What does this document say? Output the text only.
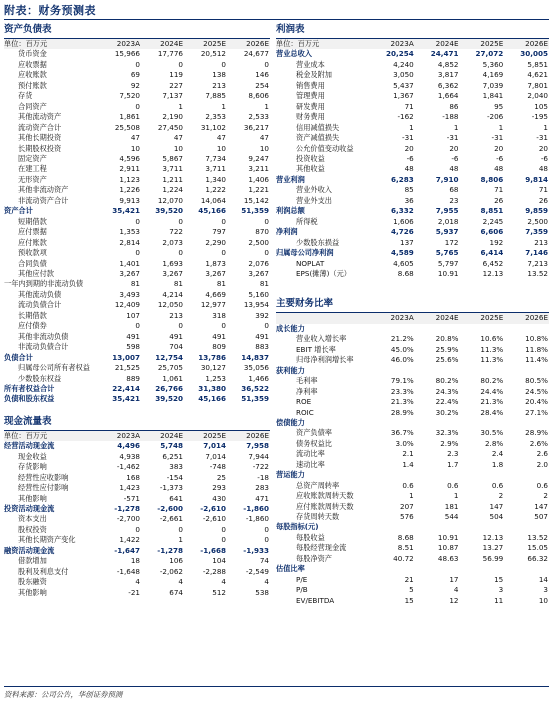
附表：财务预测表
资产负债表
单位：百万元	2023A	2024E	2025E	2026E
货币资金	15,966	17,776	20,512	24,677
应收票据	0	0	0	0
应收账款	69	119	138	146
预付账款	92	227	213	254
存货	7,520	7,137	7,885	8,606
合同资产	0	1	1	1
其他流动资产	1,861	2,190	2,353	2,533
流动资产合计	25,508	27,450	31,102	36,217
其他长期投资	47	47	47	47
长期股权投资	10	10	10	10
固定资产	4,596	5,867	7,734	9,247
在建工程	2,911	3,711	3,711	3,211
无形资产	1,123	1,211	1,340	1,406
其他非流动资产	1,226	1,224	1,222	1,221
非流动资产合计	9,913	12,070	14,064	15,142
资产合计	35,421	39,520	45,166	51,359
短期借款	0	0	0	0
应付票据	1,353	722	797	870
应付账款	2,814	2,073	2,290	2,500
预收款项	0	0	0	0
合同负债	1,401	1,693	1,873	2,076
其他应付款	3,267	3,267	3,267	3,267
一年内到期的非流动负债	81	81	81	81
其他流动负债	3,493	4,214	4,669	5,160
流动负债合计	12,409	12,050	12,977	13,954
长期借款	107	213	318	392
应付债券	0	0	0	0
其他非流动负债	491	491	491	491
非流动负债合计	598	704	809	883
负债合计	13,007	12,754	13,786	14,837
归属母公司所有者权益	21,525	25,705	30,127	35,056
少数股东权益	889	1,061	1,253	1,466
所有者权益合计	22,414	26,766	31,380	36,522
负债和股东权益	35,421	39,520	45,166	51,359
现金流量表
单位：百万元	2023A	2024E	2025E	2026E
经营活动现金流	4,496	5,748	7,014	7,958
现金收益	4,938	6,251	7,014	7,944
存货影响	-1,462	383	-748	-722
经营性应收影响	168	-154	25	-18
经营性应付影响	1,423	-1,373	293	283
其他影响	-571	641	430	471
投资活动现金流	-1,278	-2,600	-2,610	-1,860
资本支出	-2,700	-2,661	-2,610	-1,860
股权投资	0	0	0	0
其他长期资产变化	1,422	1	0	0
融资活动现金流	-1,647	-1,278	-1,668	-1,933
借款增加	18	106	104	74
股利及利息支付	-1,648	-2,062	-2,288	-2,549
股东融资	4	4	4	4
其他影响	-21	674	512	538
利润表
单位：百万元	2023A	2024E	2025E	2026E
营业总收入	20,254	24,471	27,072	30,005
营业成本	4,240	4,852	5,360	5,851
税金及附加	3,050	3,817	4,169	4,621
销售费用	5,437	6,362	7,039	7,801
管理费用	1,367	1,664	1,841	2,040
研发费用	71	86	95	105
财务费用	-162	-188	-206	-195
信用减值损失	1	1	1	1
资产减值损失	-31	-31	-31	-31
公允价值变动收益	20	20	20	20
投资收益	-6	-6	-6	-6
其他收益	48	48	48	48
营业利润	6,283	7,910	8,806	9,814
营业外收入	85	68	71	71
营业外支出	36	23	26	26
利润总额	6,332	7,955	8,851	9,859
所得税	1,606	2,018	2,245	2,500
净利润	4,726	5,937	6,606	7,359
少数股东损益	137	172	192	213
归属母公司净利润	4,589	5,765	6,414	7,146
NOPLAT	4,605	5,797	6,452	7,213
EPS(摊薄)（元）	8.68	10.91	12.13	13.52
主要财务比率
	2023A	2024E	2025E	2026E
成长能力				
营业收入增长率	21.2%	20.8%	10.6%	10.8%
EBIT 增长率	45.0%	25.9%	11.3%	11.8%
归母净利润增长率	46.0%	25.6%	11.3%	11.4%
获利能力				
毛利率	79.1%	80.2%	80.2%	80.5%
净利率	23.3%	24.3%	24.4%	24.5%
ROE	21.3%	22.4%	21.3%	20.4%
ROIC	28.9%	30.2%	28.4%	27.1%
偿债能力				
资产负债率	36.7%	32.3%	30.5%	28.9%
债务权益比	3.0%	2.9%	2.8%	2.6%
流动比率	2.1	2.3	2.4	2.6
速动比率	1.4	1.7	1.8	2.0
营运能力				
总资产周转率	0.6	0.6	0.6	0.6
应收账款周转天数	1	1	2	2
应付账款周转天数	207	181	147	147
存货周转天数	576	544	504	507
每股指标(元)				
每股收益	8.68	10.91	12.13	13.52
每股经营现金流	8.51	10.87	13.27	15.05
每股净资产	40.72	48.63	56.99	66.32
估值比率				
P/E	21	17	15	14
P/B	5	4	3	3
EV/EBITDA	15	12	11	10
资料来源：公司公告，华创证券预测
